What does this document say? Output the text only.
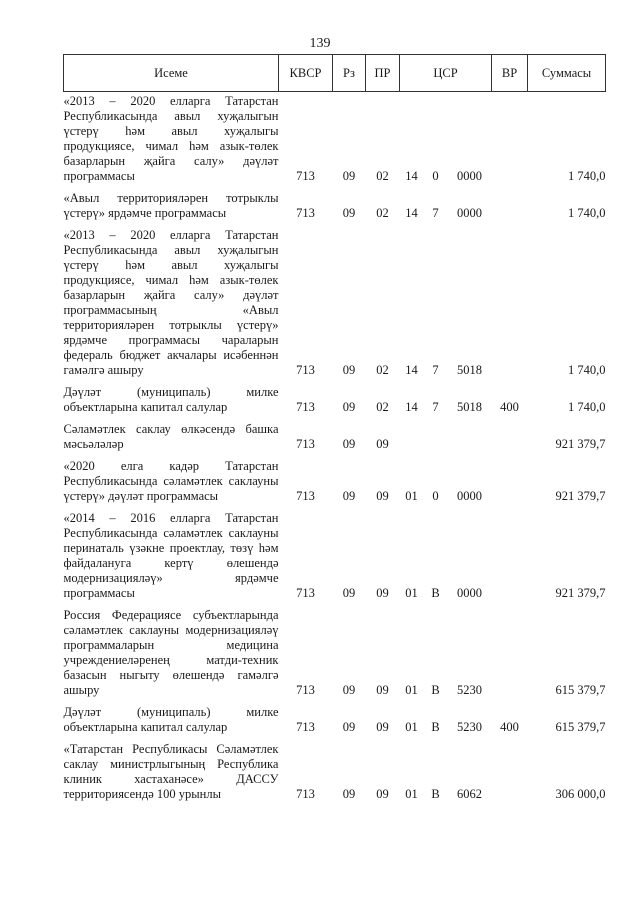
139
Исеме	КВСР	Рз	ПР	ЦСР			ВР	Суммасы
«2013 – 2020 елларга Татарстан Республикасында авыл хуҗалыгын үстерү һәм авыл хуҗалыгы продукциясе, чимал һәм азык-төлек базарларын җайга салу» дәүләт программасы	713	09	02	14	0	0000		1 740,0
«Авыл территорияләрен тотрыклы үстерү» ярдәмче программасы	713	09	02	14	7	0000		1 740,0
«2013 – 2020 елларга Татарстан Республикасында авыл хуҗалыгын үстерү һәм авыл хуҗалыгы продукциясе, чимал һәм азык-төлек базарларын җайга салу» дәүләт программасының «Авыл территорияләрен тотрыклы үстерү» ярдәмче программасы чараларын федераль бюджет акчалары исәбеннән гамәлгә ашыру	713	09	02	14	7	5018		1 740,0
Дәүләт (муниципаль) милке объектларына капитал салулар	713	09	02	14	7	5018	400	1 740,0
Сәламәтлек саклау өлкәсендә башка мәсьәләләр	713	09	09					921 379,7
«2020 елга кадәр Татарстан Республикасында сәламәтлек саклауны үстерү» дәүләт программасы	713	09	09	01	0	0000		921 379,7
«2014 – 2016 елларга Татарстан Республикасында сәламәтлек саклауны перинаталь үзәкне проектлау, төзү һәм файдалануга кертү өлешендә модернизацияләү» ярдәмче программасы	713	09	09	01	В	0000		921 379,7
Россия Федерациясе субъектларында сәламәтлек саклауны модернизацияләү программаларын медицина учреждениеләренең матди-техник базасын ныгыту өлешендә гамәлгә ашыру	713	09	09	01	В	5230		615 379,7
Дәүләт (муниципаль) милке объектларына капитал салулар	713	09	09	01	В	5230	400	615 379,7
«Татарстан Республикасы Сәламәтлек саклау министрлыгының Республика клиник хастаханәсе» ДАССУ территориясендә 100 урынлы	713	09	09	01	В	6062		306 000,0
